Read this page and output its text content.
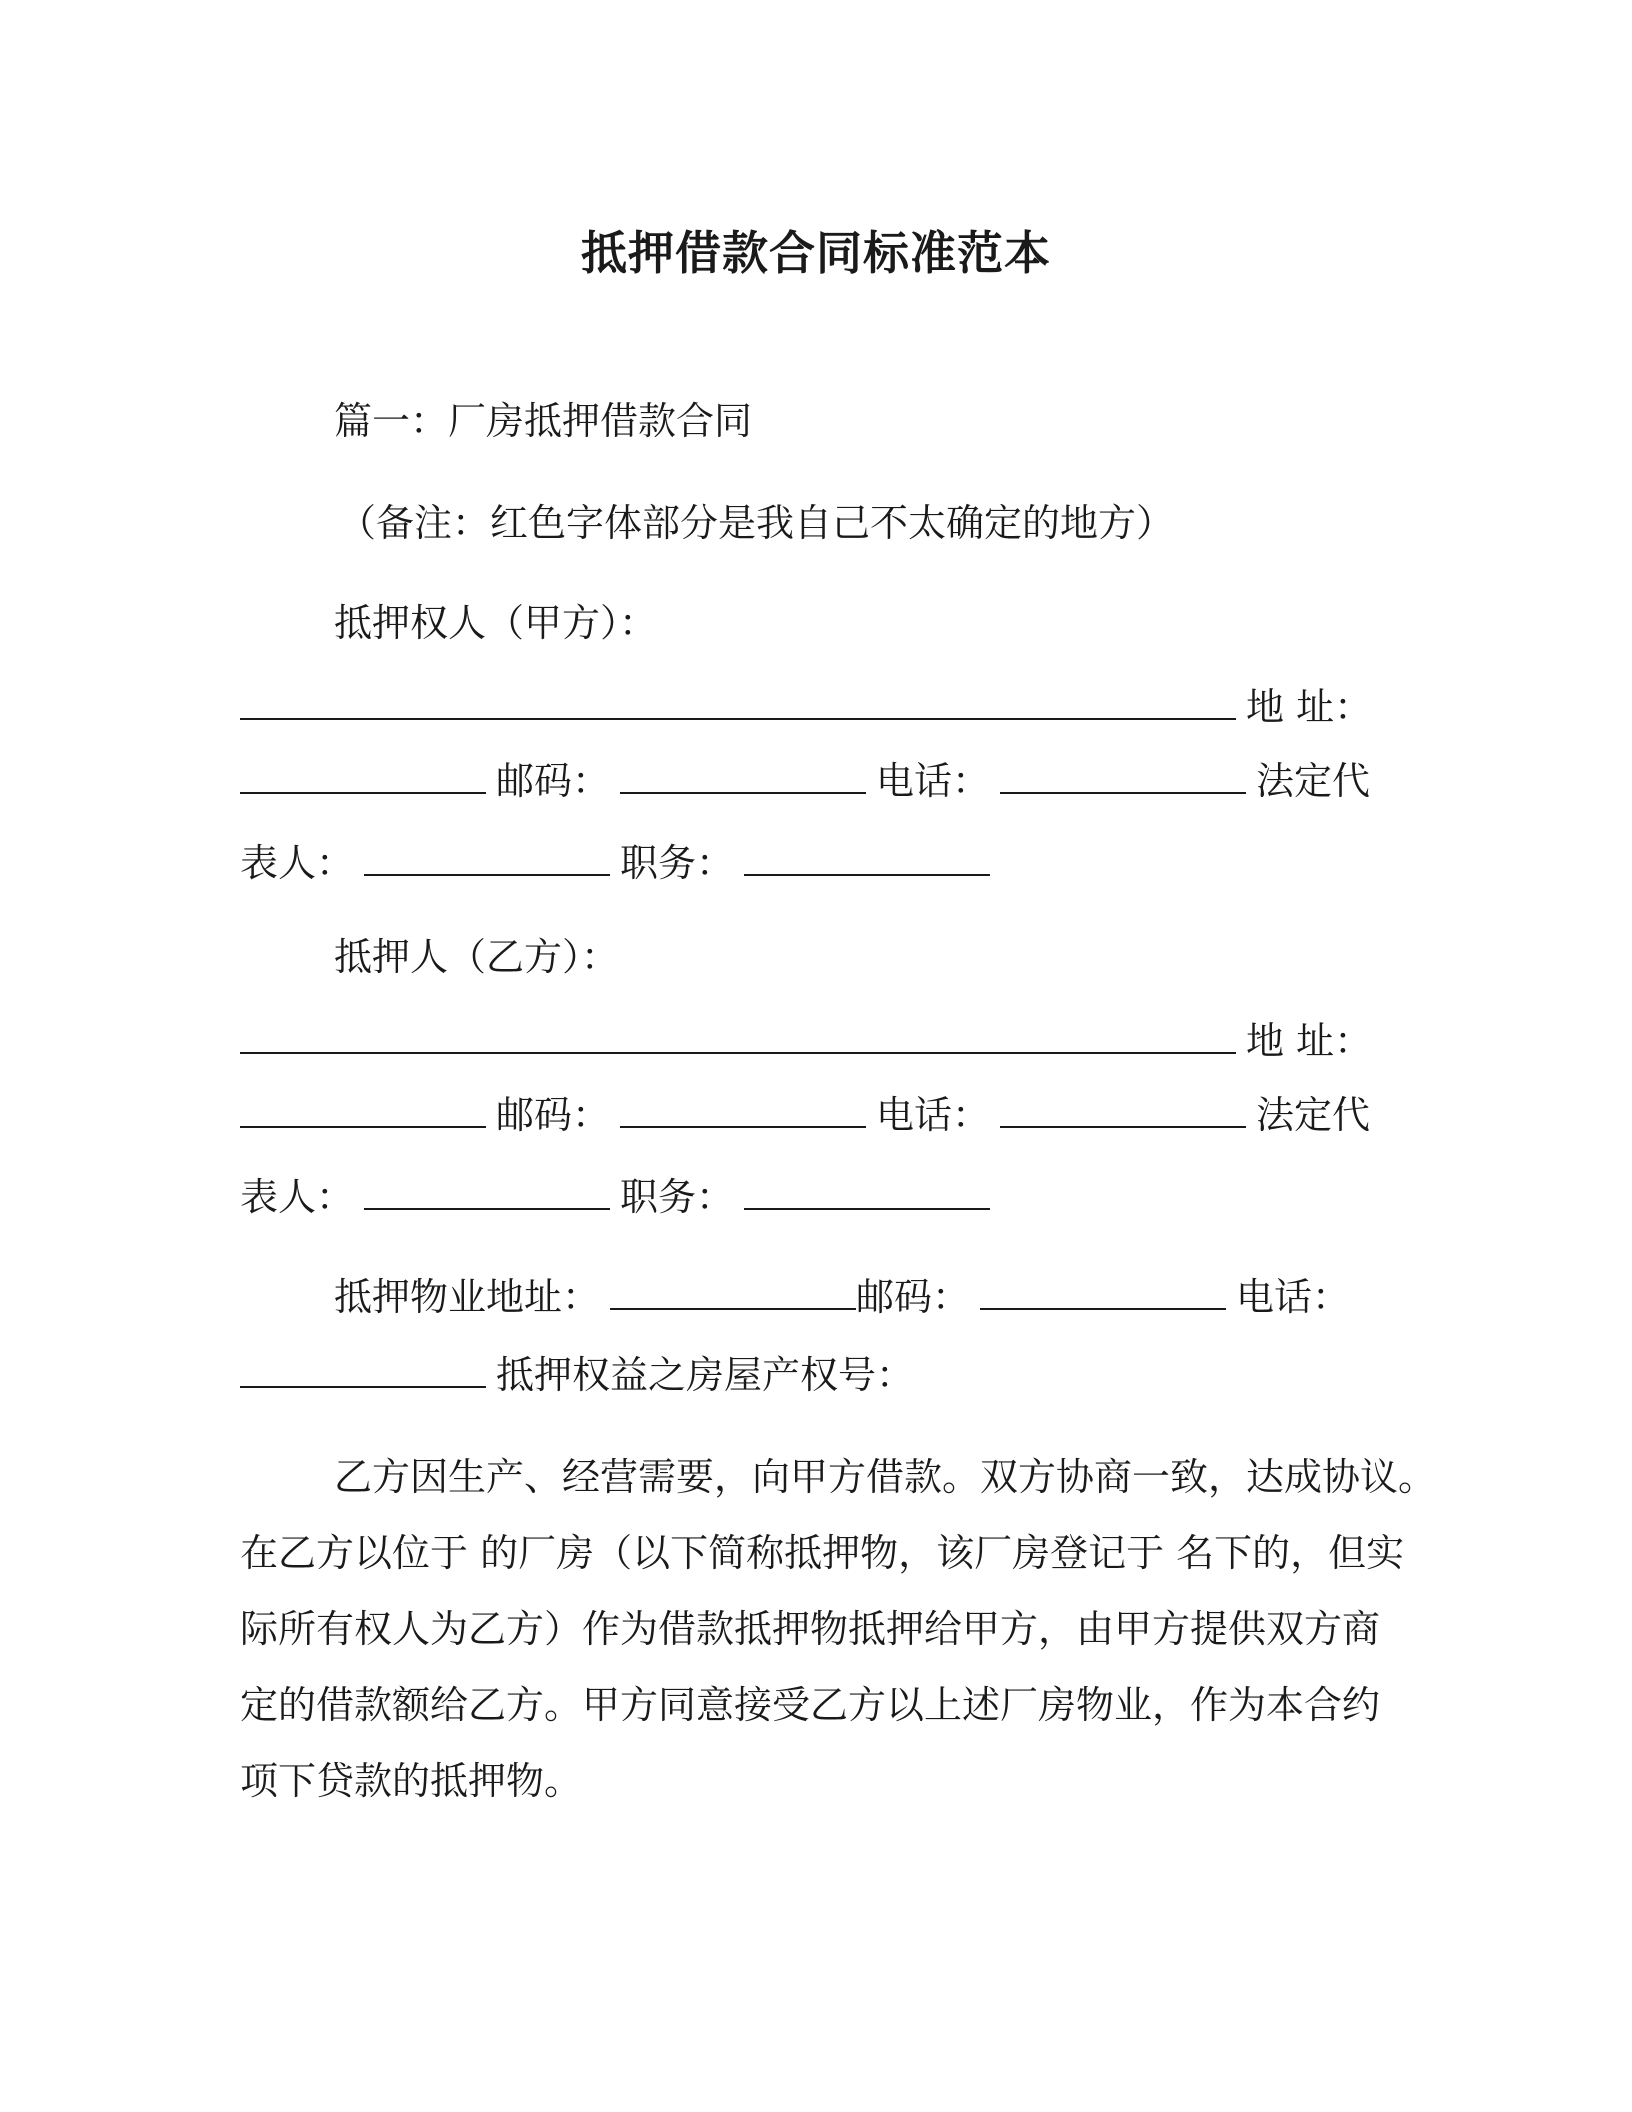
抵押借款合同标准范本
篇一：厂房抵押借款合同
（备注：红色字体部分是我自己不太确定的地方）
抵押权人（甲方）：
地 址：
邮码：	电话：	法定代
表人：	职务：
抵押人（乙方）：
地 址：
邮码：	电话：	法定代
表人：	职务：
抵押物业地址：	邮码：	电话：
抵押权益之房屋产权号：
乙方因生产、经营需要，向甲方借款。双方协商一致，达成协议。
在乙方以位于 的厂房（以下简称抵押物，该厂房登记于 名下的，但实
际所有权人为乙方）作为借款抵押物抵押给甲方，由甲方提供双方商
定的借款额给乙方。甲方同意接受乙方以上述厂房物业，作为本合约
项下贷款的抵押物。
